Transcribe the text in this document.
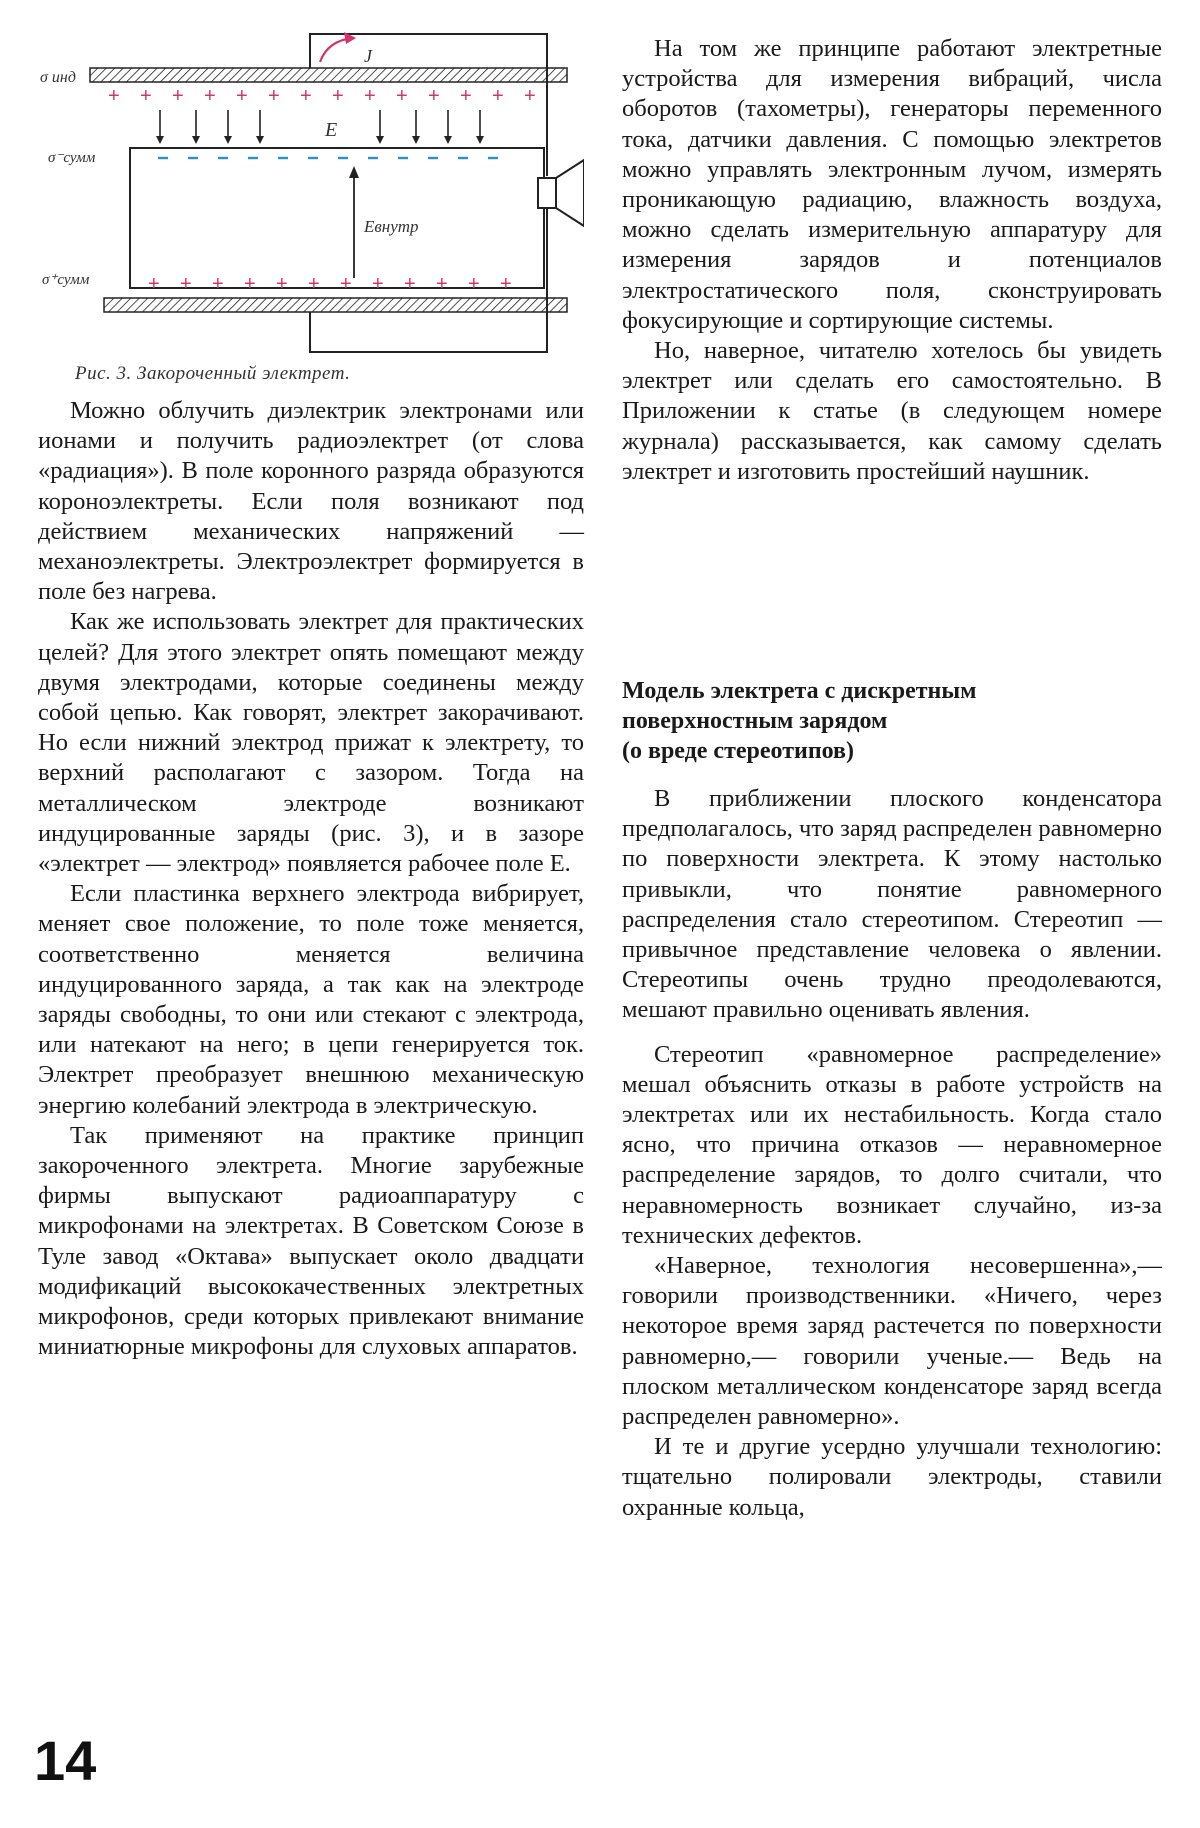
J
σ инд
+ + + + + + + + + + + + + +
E
σ⁻сумм
Eвнутр
σ⁺сумм	+ + + + + + + + + + + +
Рис. 3. Закороченный электрет.

Можно облучить диэлектрик электронами или ионами и получить радиоэлектрет (от слова «радиация»). В поле коронного разряда образуются короноэлектреты. Если поля возникают под действием механических напряжений — механоэлектреты. Электроэлектрет формируется в поле без нагрева.

Как же использовать электрет для практических целей? Для этого электрет опять помещают между двумя электродами, которые соединены между собой цепью. Как говорят, электрет закорачивают. Но если нижний электрод прижат к электрету, то верхний располагают с зазором. Тогда на металлическом электроде возникают индуцированные заряды (рис. 3), и в зазоре «электрет — электрод» появляется рабочее поле E.

Если пластинка верхнего электрода вибрирует, меняет свое положение, то поле тоже меняется, соответственно меняется величина индуцированного заряда, а так как на электроде заряды свободны, то они или стекают с электрода, или натекают на него; в цепи генерируется ток. Электрет преобразует внешнюю механическую энергию колебаний электрода в электрическую.

Так применяют на практике принцип закороченного электрета. Многие зарубежные фирмы выпускают радиоаппаратуру с микрофонами на электретах. В Советском Союзе в Туле завод «Октава» выпускает около двадцати модификаций высококачественных электретных микрофонов, среди которых привлекают внимание миниатюрные микрофоны для слуховых аппаратов.

На том же принципе работают электретные устройства для измерения вибраций, числа оборотов (тахометры), генераторы переменного тока, датчики давления. С помощью электретов можно управлять электронным лучом, измерять проникающую радиацию, влажность воздуха, можно сделать измерительную аппаратуру для измерения зарядов и потенциалов электростатического поля, сконструировать фокусирующие и сортирующие системы.

Но, наверное, читателю хотелось бы увидеть электрет или сделать его самостоятельно. В Приложении к статье (в следующем номере журнала) рассказывается, как самому сделать электрет и изготовить простейший наушник.

Модель электрета с дискретным
поверхностным зарядом
(о вреде стереотипов)

В приближении плоского конденсатора предполагалось, что заряд распределен равномерно по поверхности электрета. К этому настолько привыкли, что понятие равномерного распределения стало стереотипом. Стереотип — привычное представление человека о явлении. Стереотипы очень трудно преодолеваются, мешают правильно оценивать явления.

Стереотип «равномерное распределение» мешал объяснить отказы в работе устройств на электретах или их нестабильность. Когда стало ясно, что причина отказов — неравномерное распределение зарядов, то долго считали, что неравномерность возникает случайно, из-за технических дефектов.

«Наверное, технология несовершенна»,— говорили производственники. «Ничего, через некоторое время заряд растечется по поверхности равномерно,— говорили ученые.— Ведь на плоском металлическом конденсаторе заряд всегда распределен равномерно».

И те и другие усердно улучшали технологию: тщательно полировали электроды, ставили охранные кольца,

14
